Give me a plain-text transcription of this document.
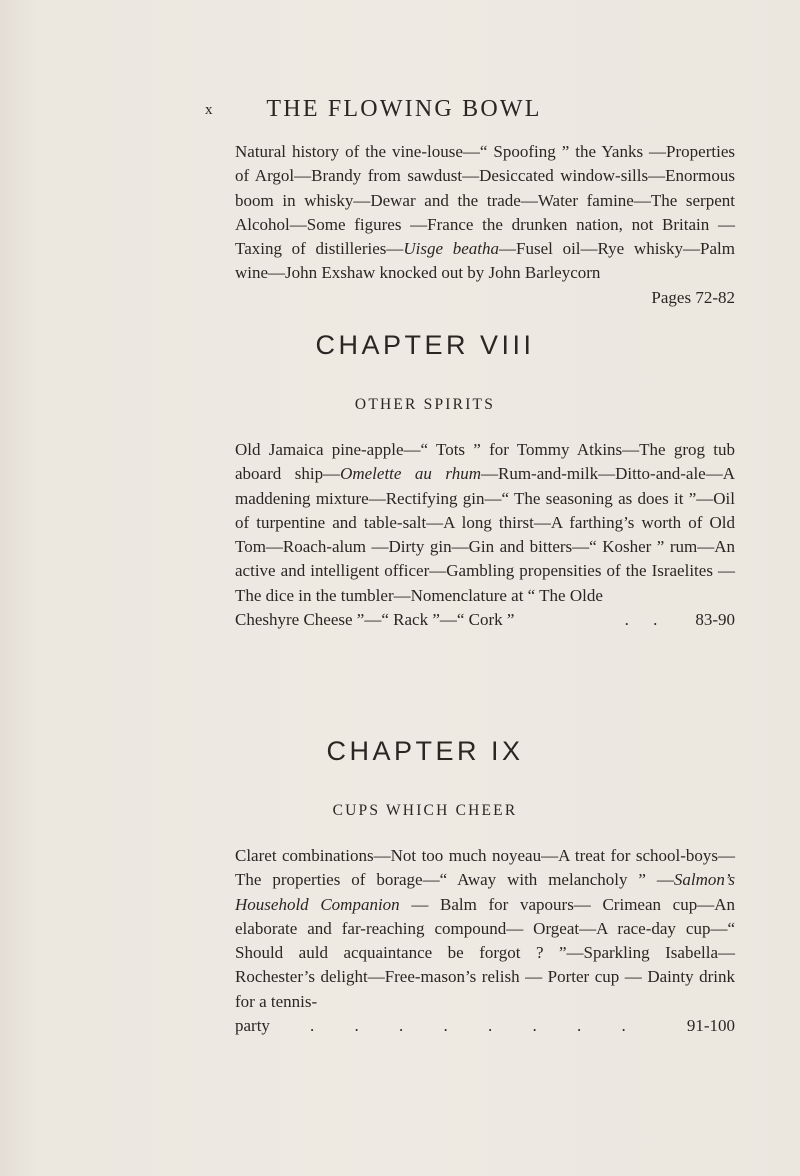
x	THE FLOWING BOWL

Natural history of the vine-louse—“ Spoofing ” the Yanks —Properties of Argol—Brandy from sawdust—Desiccated window-sills—Enormous boom in whisky—Dewar and the trade—Water famine—The serpent Alcohol—Some figures —France the drunken nation, not Britain — Taxing of distilleries—Uisge beatha—Fusel oil—Rye whisky—Palm wine—John Exshaw knocked out by John Barleycorn
Pages 72-82

CHAPTER VIII
OTHER SPIRITS

Old Jamaica pine-apple—“ Tots ” for Tommy Atkins—The grog tub aboard ship—Omelette au rhum—Rum-and-milk—Ditto-and-ale—A maddening mixture—Rectifying gin—“ The seasoning as does it ”—Oil of turpentine and table-salt—A long thirst—A farthing’s worth of Old Tom—Roach-alum —Dirty gin—Gin and bitters—“ Kosher ” rum—An active and intelligent officer—Gambling propensities of the Israelites —The dice in the tumbler—Nomenclature at “ The Olde
Cheshyre Cheese ”—“ Rack ”—“ Cork ”	. . 83-90

CHAPTER IX
CUPS WHICH CHEER

Claret combinations—Not too much noyeau—A treat for school-boys—The properties of borage—“ Away with melancholy ” —Salmon’s Household Companion — Balm for vapours— Crimean cup—An elaborate and far-reaching compound— Orgeat—A race-day cup—“ Should auld acquaintance be forgot ? ”—Sparkling Isabella—Rochester’s delight—Free-mason’s relish — Porter cup — Dainty drink for a tennis-
party . . . . . . . .	91-100
